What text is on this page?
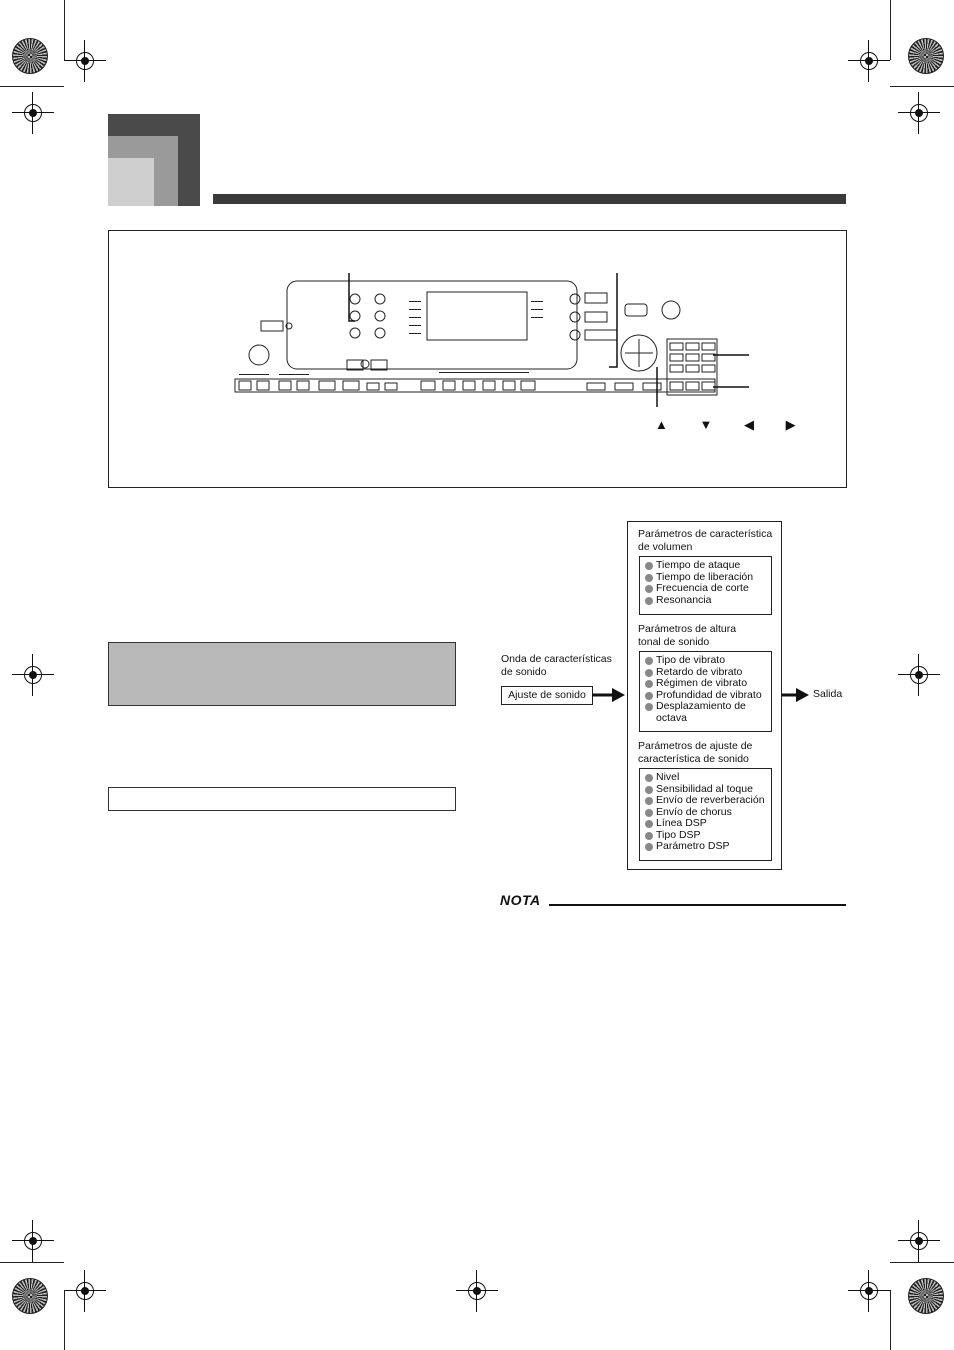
▲ ▼ ◀ ▶
Onda de características de sonido
Ajuste de sonido	Salida
Parámetros de característica de volumen
Tiempo de ataque
Tiempo de liberación
Frecuencia de corte
Resonancia
Parámetros de altura tonal de sonido
Tipo de vibrato
Retardo de vibrato
Régimen de vibrato
Profundidad de vibrato
Desplazamiento de octava
Parámetros de ajuste de característica de sonido
Nivel
Sensibilidad al toque
Envío de reverberación
Envío de chorus
Línea DSP
Tipo DSP
Parámetro DSP
NOTA
